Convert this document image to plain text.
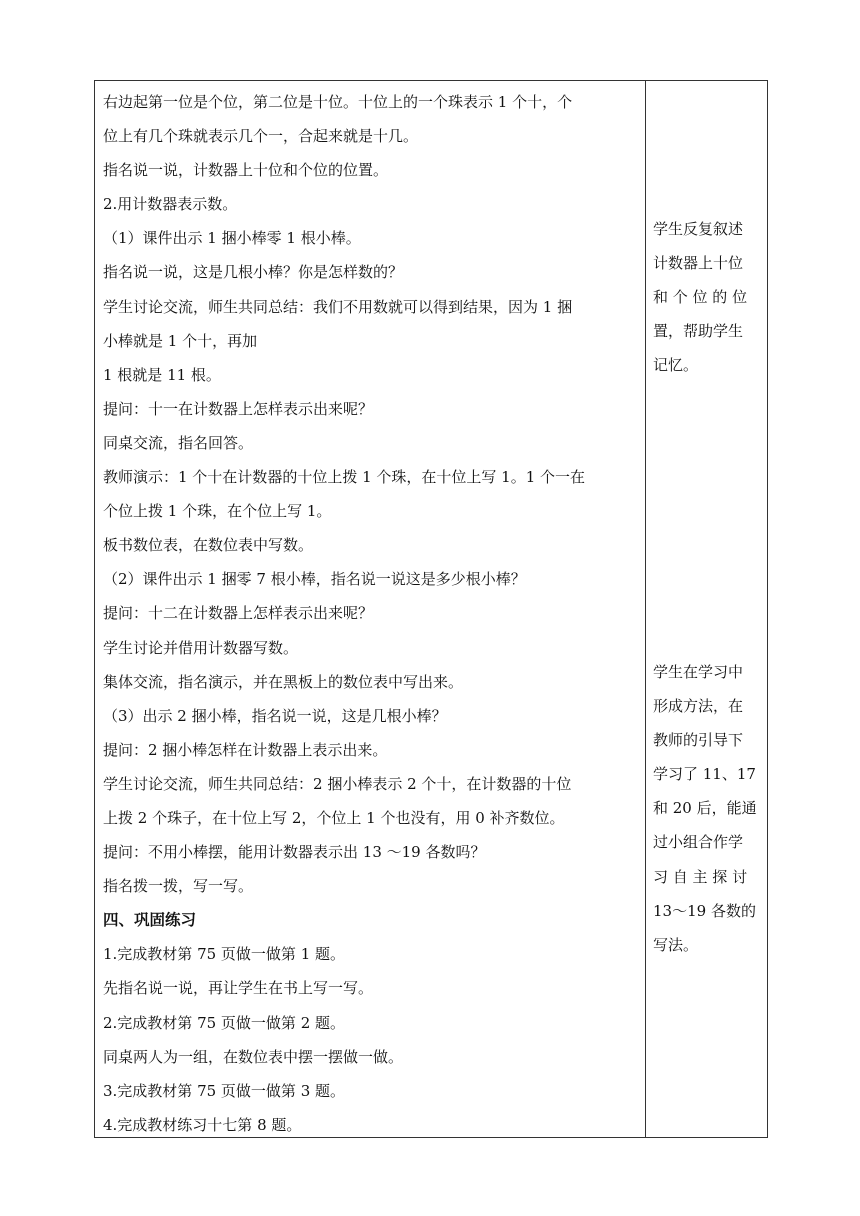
右边起第一位是个位，第二位是十位。十位上的一个珠表示 1 个十，个
位上有几个珠就表示几个一，合起来就是十几。
指名说一说，计数器上十位和个位的位置。
2.用计数器表示数。
（1）课件出示 1 捆小棒零 1 根小棒。
指名说一说，这是几根小棒？你是怎样数的？
学生讨论交流，师生共同总结：我们不用数就可以得到结果，因为 1 捆
小棒就是 1 个十，再加
1 根就是 11 根。
提问：十一在计数器上怎样表示出来呢？
同桌交流，指名回答。
教师演示：1 个十在计数器的十位上拨 1 个珠，在十位上写 1。1 个一在
个位上拨 1 个珠，在个位上写 1。
板书数位表，在数位表中写数。
（2）课件出示 1 捆零 7 根小棒，指名说一说这是多少根小棒？
提问：十二在计数器上怎样表示出来呢？
学生讨论并借用计数器写数。
集体交流，指名演示，并在黑板上的数位表中写出来。
（3）出示 2 捆小棒，指名说一说，这是几根小棒？
提问：2 捆小棒怎样在计数器上表示出来。
学生讨论交流，师生共同总结：2 捆小棒表示 2 个十，在计数器的十位
上拨 2 个珠子，在十位上写 2，个位上 1 个也没有，用 0 补齐数位。
提问：不用小棒摆，能用计数器表示出 13 ～19 各数吗？
指名拨一拨，写一写。
四、巩固练习
1.完成教材第 75 页做一做第 1 题。
先指名说一说，再让学生在书上写一写。
2.完成教材第 75 页做一做第 2 题。
同桌两人为一组，在数位表中摆一摆做一做。
3.完成教材第 75 页做一做第 3 题。
4.完成教材练习十七第 8 题。
学生反复叙述
计数器上十位
和 个 位 的 位
置，帮助学生
记忆。
学生在学习中
形成方法，在
教师的引导下
学习了 11、17
和 20 后，能通
过小组合作学
习 自 主 探 讨
13～19 各数的
写法。
